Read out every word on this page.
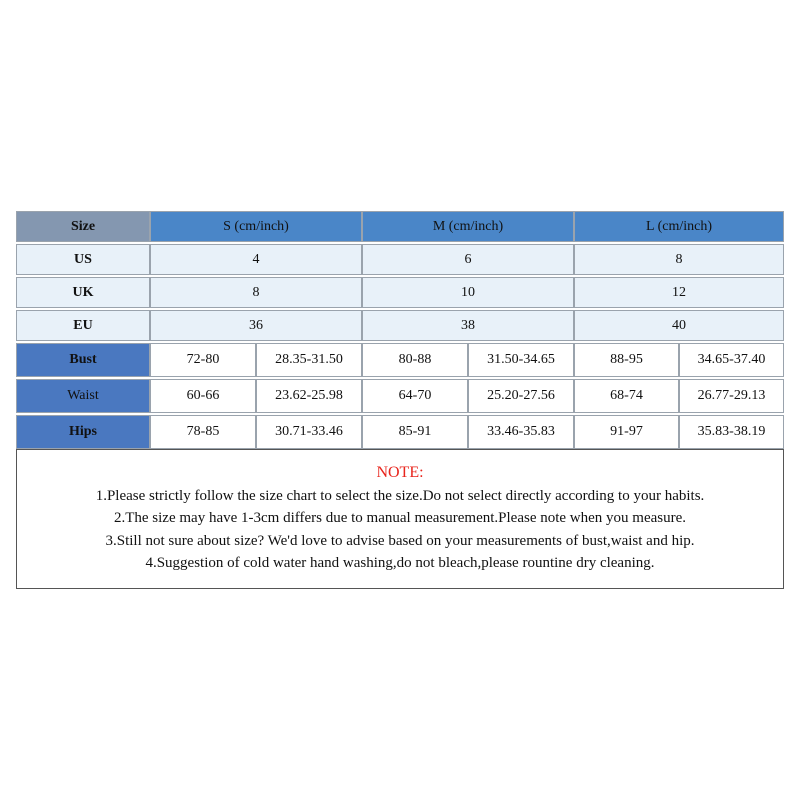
Size	S (cm/inch)		M (cm/inch)		L (cm/inch)	
US	4		6		8	
UK	8		10		12	
EU	36		38		40	
Bust	72-80	28.35-31.50	80-88	31.50-34.65	88-95	34.65-37.40
Waist	60-66	23.62-25.98	64-70	25.20-27.56	68-74	26.77-29.13
Hips	78-85	30.71-33.46	85-91	33.46-35.83	91-97	35.83-38.19
NOTE:
1.Please strictly follow the size chart to select the size.Do not select directly according to your habits.
2.The size may have 1-3cm differs due to manual measurement.Please note when you measure.
3.Still not sure about size? We'd love to advise based on your measurements of bust,waist and hip.
4.Suggestion of cold water hand washing,do not bleach,please rountine dry cleaning.
